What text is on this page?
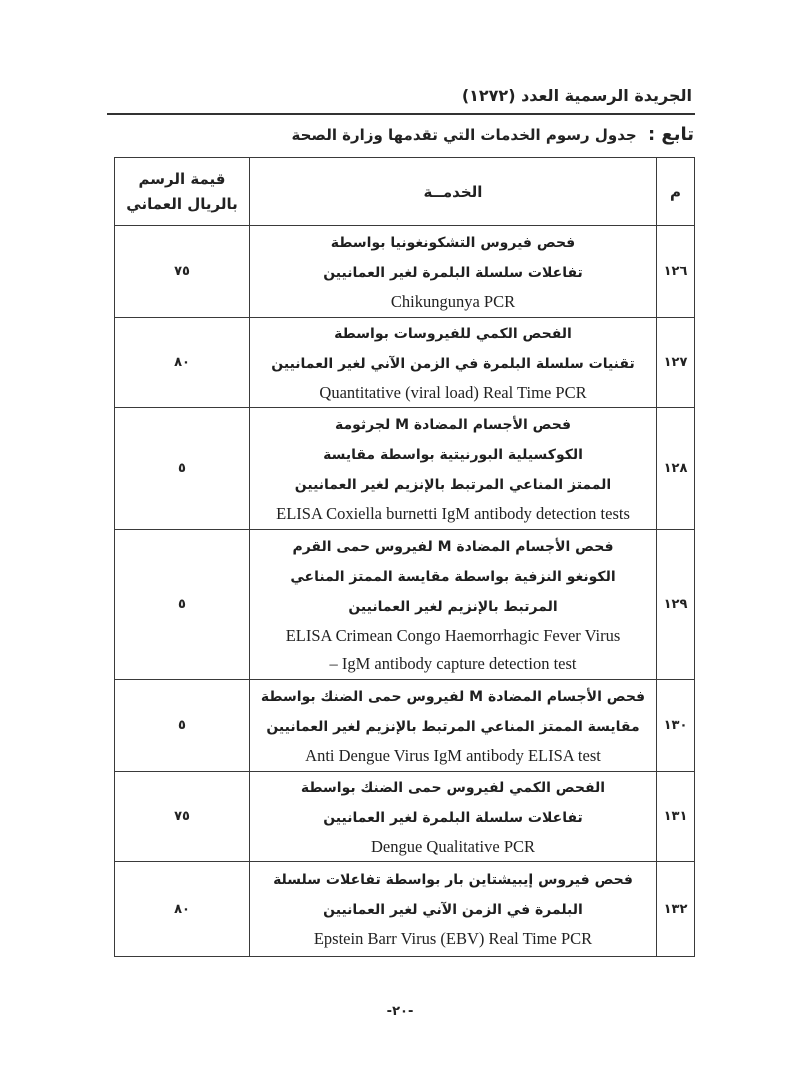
الجريدة الرسمية العدد (١٢٧٢)
تابع : جدول رسوم الخدمات التي تقدمها وزارة الصحة
م	الخدمــة	قيمة الرسم
بالريال العماني

١٢٦	فحص فيروس التشكونغونيا بواسطة
تفاعلات سلسلة البلمرة لغير العمانيين
Chikungunya PCR	٧٥
١٢٧	الفحص الكمي للفيروسات بواسطة
تقنيات سلسلة البلمرة في الزمن الآني لغير العمانيين
Quantitative (viral load) Real Time PCR	٨٠
١٢٨	فحص الأجسام المضادة M لجرثومة
الكوكسيلية البورنيتية بواسطة مقايسة
الممتز المناعي المرتبط بالإنزيم لغير العمانيين
ELISA Coxiella burnetti IgM antibody detection tests	٥
١٢٩	فحص الأجسام المضادة M لفيروس حمى القرم
الكونغو النزفية بواسطة مقايسة الممتز المناعي
المرتبط بالإنزيم لغير العمانيين
ELISA Crimean Congo Haemorrhagic Fever Virus
– IgM antibody capture detection test	٥
١٣٠	فحص الأجسام المضادة M لفيروس حمى الضنك بواسطة
مقايسة الممتز المناعي المرتبط بالإنزيم لغير العمانيين
Anti Dengue Virus IgM antibody ELISA test	٥
١٣١	الفحص الكمي لفيروس حمى الضنك بواسطة
تفاعلات سلسلة البلمرة لغير العمانيين
Dengue Qualitative PCR	٧٥
١٣٢	فحص فيروس إيبيشتاين بار بواسطة تفاعلات سلسلة
البلمرة في الزمن الآني لغير العمانيين
Epstein Barr Virus (EBV) Real Time PCR	٨٠
-٢٠-
